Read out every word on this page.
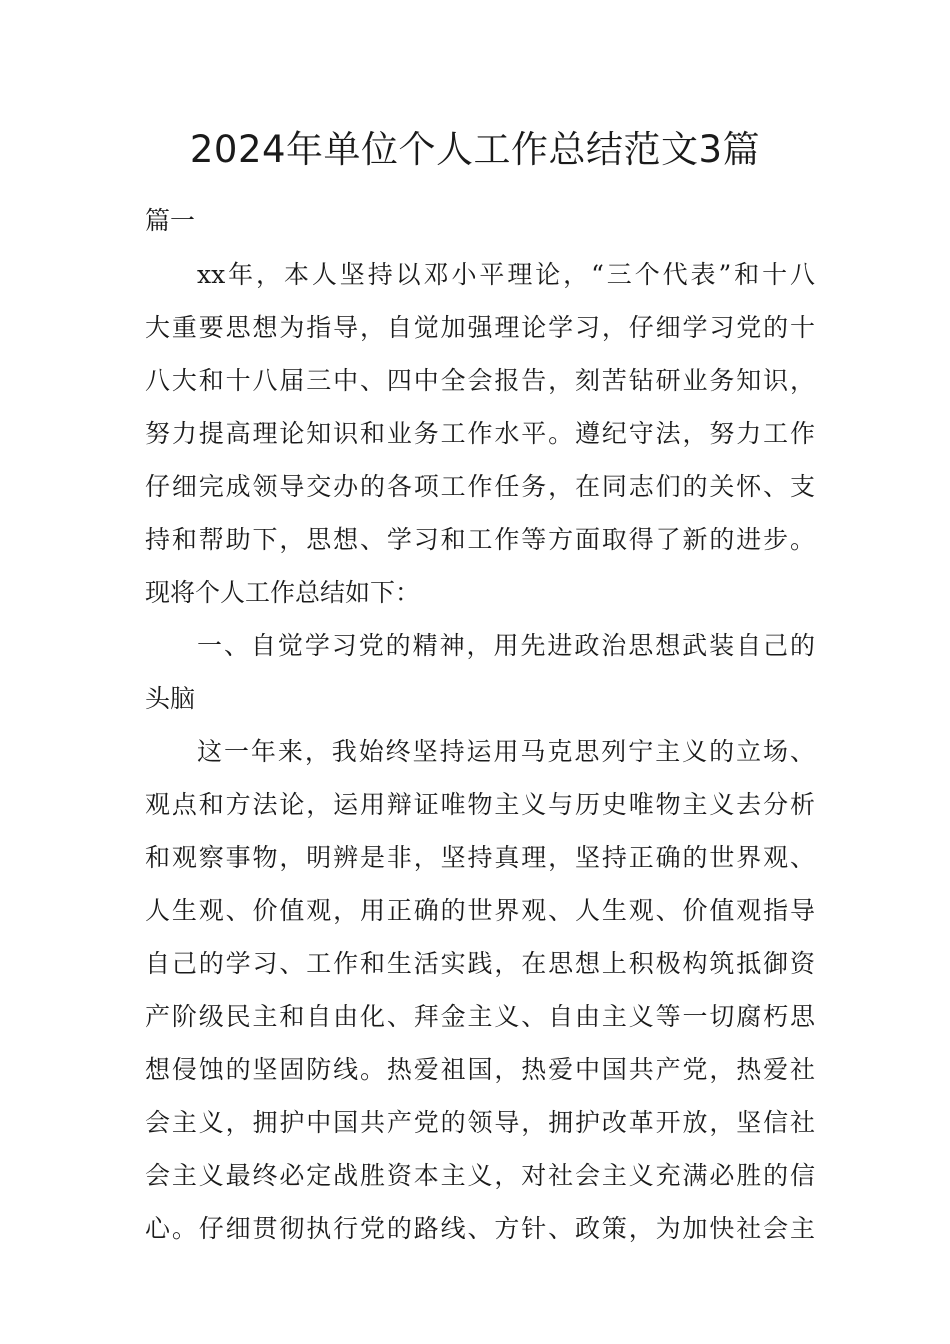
2024年单位个人工作总结范文3篇

篇一

xx年，本人坚持以邓小平理论，“三个代表”和十八

大重要思想为指导，自觉加强理论学习，仔细学习党的十

八大和十八届三中、四中全会报告，刻苦钻研业务知识，

努力提高理论知识和业务工作水平。遵纪守法，努力工作

仔细完成领导交办的各项工作任务，在同志们的关怀、支

持和帮助下，思想、学习和工作等方面取得了新的进步。

现将个人工作总结如下：

一、自觉学习党的精神，用先进政治思想武装自己的

头脑

这一年来，我始终坚持运用马克思列宁主义的立场、

观点和方法论，运用辩证唯物主义与历史唯物主义去分析

和观察事物，明辨是非，坚持真理，坚持正确的世界观、

人生观、价值观，用正确的世界观、人生观、价值观指导

自己的学习、工作和生活实践，在思想上积极构筑抵御资

产阶级民主和自由化、拜金主义、自由主义等一切腐朽思

想侵蚀的坚固防线。热爱祖国，热爱中国共产党，热爱社

会主义，拥护中国共产党的领导，拥护改革开放，坚信社

会主义最终必定战胜资本主义，对社会主义充满必胜的信

心。仔细贯彻执行党的路线、方针、政策，为加快社会主
